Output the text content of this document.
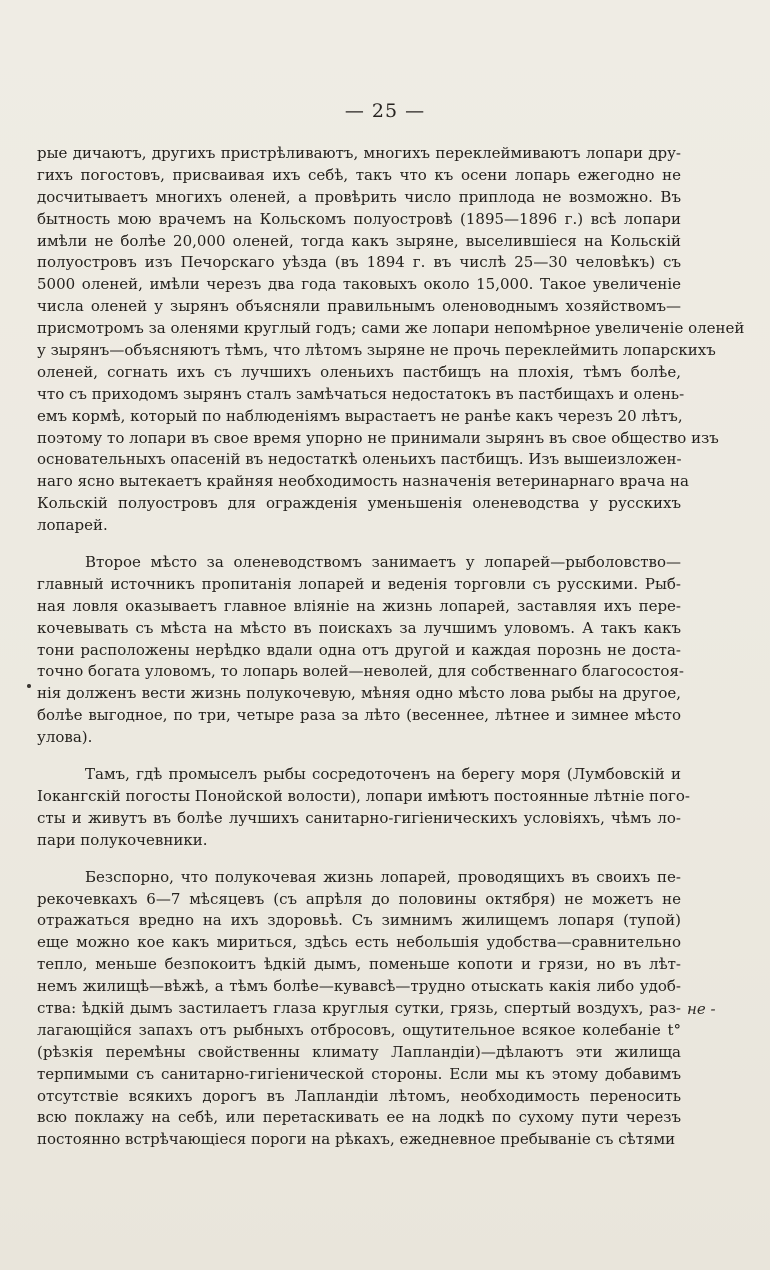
— 25 —
рые дичаютъ, другихъ пристрѣливаютъ, многихъ переклеймиваютъ лопари дру-
гихъ погостовъ, присваивая ихъ себѣ, такъ что къ осени лопарь ежегодно не
досчитываетъ многихъ оленей, а провѣрить число приплода не возможно. Въ
бытность мою врачемъ на Кольскомъ полуостровѣ (1895—1896 г.) всѣ лопари
имѣли не болѣе 20,000 оленей, тогда какъ зыряне, выселившіеся на Кольскій
полуостровъ изъ Печорскаго уѣзда (въ 1894 г. въ числѣ 25—30 человѣкъ) съ
5000 оленей, имѣли черезъ два года таковыхъ около 15,000. Такое увеличеніе
числа оленей у зырянъ объясняли правильнымъ оленоводнымъ хозяйствомъ—
присмотромъ за оленями круглый годъ; сами же лопари непомѣрное увеличеніе оленей
у зырянъ—объясняютъ тѣмъ, что лѣтомъ зыряне не прочь переклеймить лопарскихъ
оленей, согнать ихъ съ лучшихъ оленьихъ пастбищъ на плохія, тѣмъ болѣе,
что съ приходомъ зырянъ сталъ замѣчаться недостатокъ въ пастбищахъ и олень-
емъ кормѣ, который по наблюденіямъ вырастаетъ не ранѣе какъ черезъ 20 лѣтъ,
поэтому то лопари въ свое время упорно не принимали зырянъ въ свое общество изъ
основательныхъ опасеній въ недостаткѣ оленьихъ пастбищъ. Изъ вышеизложен-
наго ясно вытекаетъ крайняя необходимость назначенія ветеринарнаго врача на
Кольскій полуостровъ для огражденія уменьшенія оленеводства у русскихъ
лопарей.
Второе мѣсто за оленеводствомъ занимаетъ у лопарей—рыболовство—
главный источникъ пропитанія лопарей и веденія торговли съ русскими. Рыб-
ная ловля оказываетъ главное вліяніе на жизнь лопарей, заставляя ихъ пере-
кочевывать съ мѣста на мѣсто въ поискахъ за лучшимъ уловомъ. А такъ какъ
тони расположены нерѣдко вдали одна отъ другой и каждая порознь не доста-
точно богата уловомъ, то лопарь волей—неволей, для собственнаго благосостоя-
нія долженъ вести жизнь полукочевую, мѣняя одно мѣсто лова рыбы на другое,
болѣе выгодное, по три, четыре раза за лѣто (весеннее, лѣтнее и зимнее мѣсто
улова).
Тамъ, гдѣ промыселъ рыбы сосредоточенъ на берегу моря (Лумбовскій и
Іокангскій погосты Понойской волости), лопари имѣютъ постоянные лѣтніе пого-
сты и живутъ въ болѣе лучшихъ санитарно-гигіеническихъ условіяхъ, чѣмъ ло-
пари полукочевники.
Безспорно, что полукочевая жизнь лопарей, проводящихъ въ своихъ пе-
рекочевкахъ 6—7 мѣсяцевъ (съ апрѣля до половины октября) не можетъ не
отражаться вредно на ихъ здоровьѣ. Съ зимнимъ жилищемъ лопаря (тупой)
еще можно кое какъ мириться, здѣсь есть небольшія удобства—сравнительно
тепло, меньше безпокоитъ ѣдкій дымъ, поменьше копоти и грязи, но въ лѣт-
немъ жилищѣ—вѣжѣ, а тѣмъ болѣе—кувавсѣ—трудно отыскать какія либо удоб-
ства: ѣдкій дымъ застилаетъ глаза круглыя сутки, грязь, спертый воздухъ, раз-
лагающійся запахъ отъ рыбныхъ отбросовъ, ощутительное всякое колебаніе t°
(рѣзкія перемѣны свойственны климату Лапландіи)—дѣлаютъ эти жилища
терпимыми съ санитарно-гигіенической стороны. Если мы къ этому добавимъ
отсутствіе всякихъ дорогъ въ Лапландіи лѣтомъ, необходимость переносить
всю поклажу на себѣ, или перетаскивать ее на лодкѣ по сухому пути черезъ
постоянно встрѣчающіеся пороги на рѣкахъ, ежедневное пребываніе съ сѣтями
не -
